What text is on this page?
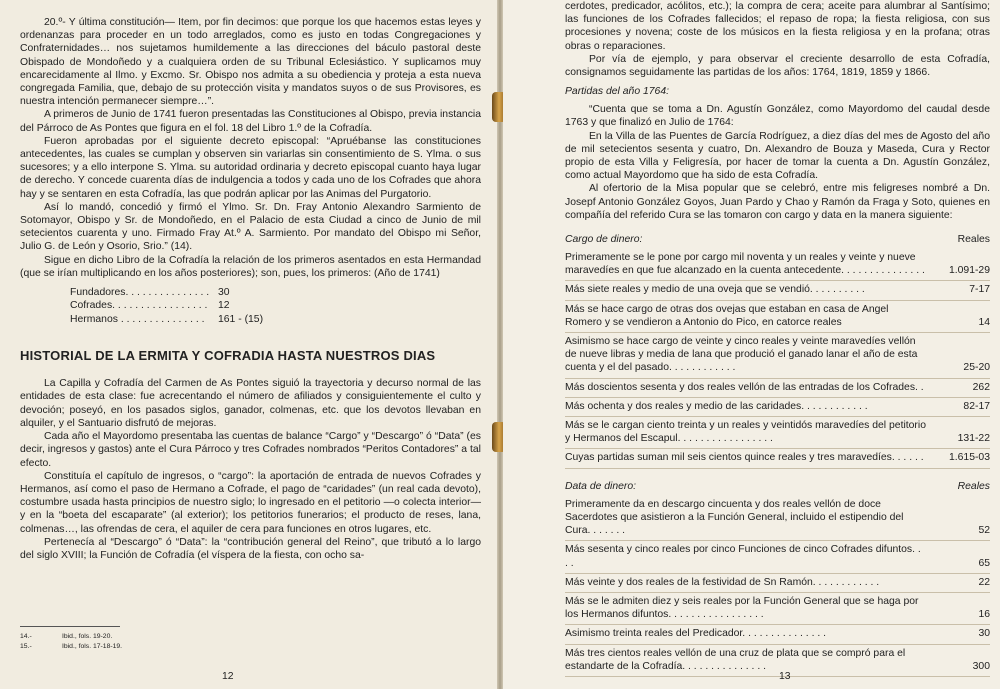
20.º- Y última constitución— Item, por fin decimos: que porque los que hacemos estas leyes y ordenanzas para proceder en un todo arreglados, como es justo en todas Congregaciones y Confraternidades… nos sujetamos humildemente a las direcciones del báculo pastoral deste Obispado de Mondoñedo y a cualquiera orden de su Tribunal Eclesiástico. Y suplicamos muy encarecidamente al Ilmo. y Excmo. Sr. Obispo nos admita a su obediencia y proteja a esta nueva congregada Familia, que, debajo de su protección visita y mandatos suyos o de sus Provisores, es nuestra intención permanecer siempre…”.

A primeros de Junio de 1741 fueron presentadas las Constituciones al Obispo, previa instancia del Párroco de As Pontes que figura en el fol. 18 del Libro 1.º de la Cofradía.

Fueron aprobadas por el siguiente decreto episcopal: “Apruébanse las constituciones antecedentes, las cuales se cumplan y observen sin variarlas sin consentimiento de S. Ylma. o sus sucesores; y a ello interpone S. Ylma. su autoridad ordinaria y decreto episcopal cuanto haya lugar de derecho. Y concede cuarenta días de indulgencia a todos y cada uno de los Cofrades que ahora hay y se sentaren en esta Cofradía, las que podrán aplicar por las Animas del Purgatorio.

Así lo mandó, concedió y firmó el Ylmo. Sr. Dn. Fray Antonio Alexandro Sarmiento de Sotomayor, Obispo y Sr. de Mondoñedo, en el Palacio de esta Ciudad a cinco de Junio de mil setecientos cuarenta y uno. Firmado Fray At.º A. Sarmiento. Por mandato del Obispo mi Señor, Julio G. de León y Osorio, Srio.” (14).

Sigue en dicho Libro de la Cofradía la relación de los primeros asentados en esta Hermandad (que se irían multiplicando en los años posteriores); son, pues, los primeros: (Año de 1741)

Fundadores. . . . . . . . . . . . . . . 30
Cofrades. . . . . . . . . . . . . . . . .	12
Hermanos . . . . . . . . . . . . . . .	161 - (15)
HISTORIAL DE LA ERMITA Y COFRADIA HASTA NUESTROS DIAS

La Capilla y Cofradía del Carmen de As Pontes siguió la trayectoria y decurso normal de las entidades de esta clase: fue acrecentando el número de afiliados y consiguientemente el culto y devoción; poseyó, en los pasados siglos, ganador, colmenas, etc. que los devotos llevaban en alquiler, y el Santuario disfrutó de mejoras.

Cada año el Mayordomo presentaba las cuentas de balance “Cargo” y “Descargo” ó “Data” (es decir, ingresos y gastos) ante el Cura Párroco y tres Cofrades nombrados “Peritos Contadores” a tal efecto.

Constituía el capítulo de ingresos, o “cargo”: la aportación de entrada de nuevos Cofrades y Hermanos, así como el paso de Hermano a Cofrade, el pago de “caridades” (un real cada devoto), costumbre usada hasta principios de nuestro siglo; lo ingresado en el petitorio —o colecta interior— y en la “boeta del escaparate” (al exterior); los petitorios funerarios; el producto de reses, lana, colmenas…, las ofrendas de cera, el aquiler de cera para funciones en otros lugares, etc.

Pertenecía al “Descargo” ó “Data”: la “contribución general del Reino”, que tributó a lo largo del siglo XVIII; la Función de Cofradía (el víspera de la fiesta, con ocho sa-

14.-	Ibid., fols. 19-20.
15.-	Ibid., fols. 17-18-19.
12

cerdotes, predicador, acólitos, etc.); la compra de cera; aceite para alumbrar al Santísimo; las funciones de los Cofrades fallecidos; el repaso de ropa; la fiesta religiosa, con sus procesiones y novena; coste de los músicos en la fiesta religiosa y en la profana; otras obras o reparaciones.

Por vía de ejemplo, y para observar el creciente desarrollo de esta Cofradía, consignamos seguidamente las partidas de los años: 1764, 1819, 1859 y 1866.

Partidas del año 1764:

“Cuenta que se toma a Dn. Agustín González, como Mayordomo del caudal desde 1763 y que finalizó en Julio de 1764:

En la Villa de las Puentes de García Rodríguez, a diez días del mes de Agosto del año de mil setecientos sesenta y cuatro, Dn. Alexandro de Bouza y Maseda, Cura y Rector propio de esta Villa y Feligresía, por hacer de tomar la cuenta a Dn. Agustín González, como actual Mayordomo que ha sido de esta Cofradía.

Al ofertorio de la Misa popular que se celebró, entre mis feligreses nombré a Dn. Josepf Antonio González Goyos, Juan Pardo y Chao y Ramón da Fraga y Soto, quienes en compañía del referido Cura se las tomaron con cargo y data en la manera siguiente:

Cargo de dinero:	Reales
Primeramente se le pone por cargo mil noventa y un reales y veinte y nueve maravedíes en que fue alcanzado en la cuenta antecedente. . . . . . . . . . . . . . .	1.091-29
Más siete reales y medio de una oveja que se vendió. . . . . . . . . .	7-17
Más se hace cargo de otras dos ovejas que estaban en casa de Angel Romero y se vendieron a Antonio do Pico, en catorce reales	14
Asimismo se hace cargo de veinte y cinco reales y veinte maravedíes vellón de nueve libras y media de lana que produció el ganado lanar el año de esta cuenta y el del pasado. . . . . . . . . . . .	25-20
Más doscientos sesenta y dos reales vellón de las entradas de los Cofrades. .	262
Más ochenta y dos reales y medio de las caridades. . . . . . . . . . . .	82-17
Más se le cargan ciento treinta y un reales y veintidós maravedíes del petitorio y Hermanos del Escapul. . . . . . . . . . . . . . . . .	131-22
Cuyas partidas suman mil seis cientos quince reales y tres maravedíes. . . . . .	1.615-03
Data de dinero:	Reales
Primeramente da en descargo cincuenta y dos reales vellón de doce Sacerdotes que asistieron a la Función General, incluido el estipendio del Cura. . . . . . .	52
Más sesenta y cinco reales por cinco Funciones de cinco Cofrades difuntos. . . .	65
Más veinte y dos reales de la festividad de Sn Ramón. . . . . . . . . . . .	22
Más se le admiten diez y seis reales por la Función General que se haga por los Hermanos difuntos. . . . . . . . . . . . . . . . .	16
Asimismo treinta reales del Predicador. . . . . . . . . . . . . . .	30
Más tres cientos reales vellón de una cruz de plata que se compró para el estandarte de la Cofradía. . . . . . . . . . . . . . .	300
13
